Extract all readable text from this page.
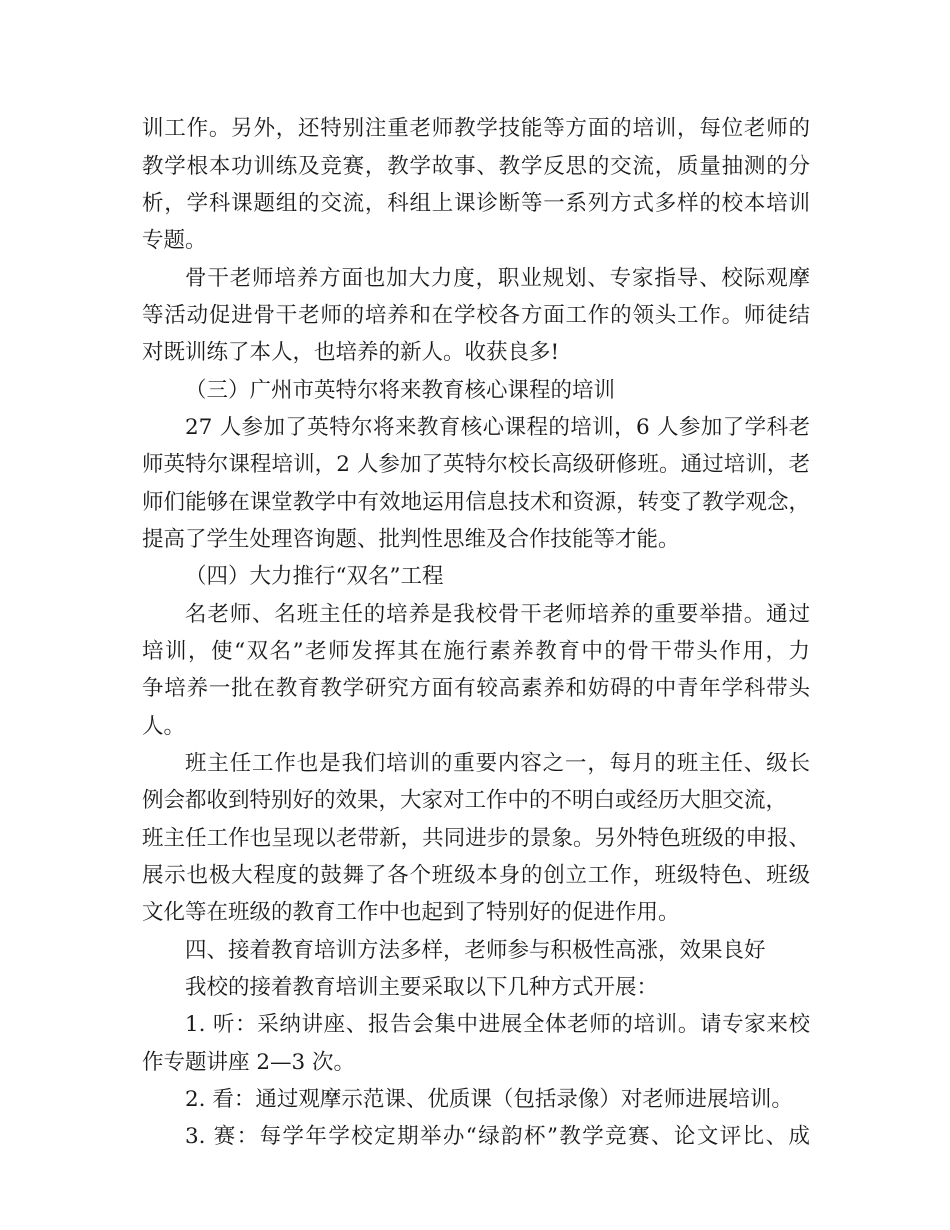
训工作。另外，还特别注重老师教学技能等方面的培训，每位老师的
教学根本功训练及竞赛，教学故事、教学反思的交流，质量抽测的分
析，学科课题组的交流，科组上课诊断等一系列方式多样的校本培训
专题。
骨干老师培养方面也加大力度，职业规划、专家指导、校际观摩
等活动促进骨干老师的培养和在学校各方面工作的领头工作。师徒结
对既训练了本人，也培养的新人。收获良多!
（三）广州市英特尔将来教育核心课程的培训
27 人参加了英特尔将来教育核心课程的培训，6 人参加了学科老
师英特尔课程培训，2 人参加了英特尔校长高级研修班。通过培训，老
师们能够在课堂教学中有效地运用信息技术和资源，转变了教学观念，
提高了学生处理咨询题、批判性思维及合作技能等才能。
（四）大力推行“双名”工程
名老师、名班主任的培养是我校骨干老师培养的重要举措。通过
培训，使“双名”老师发挥其在施行素养教育中的骨干带头作用，力
争培养一批在教育教学研究方面有较高素养和妨碍的中青年学科带头
人。
班主任工作也是我们培训的重要内容之一，每月的班主任、级长
例会都收到特别好的效果，大家对工作中的不明白或经历大胆交流，
班主任工作也呈现以老带新，共同进步的景象。另外特色班级的申报、
展示也极大程度的鼓舞了各个班级本身的创立工作，班级特色、班级
文化等在班级的教育工作中也起到了特别好的促进作用。
四、接着教育培训方法多样，老师参与积极性高涨，效果良好
我校的接着教育培训主要采取以下几种方式开展：
1. 听：采纳讲座、报告会集中进展全体老师的培训。请专家来校
作专题讲座 2—3 次。
2. 看：通过观摩示范课、优质课（包括录像）对老师进展培训。
3. 赛：每学年学校定期举办“绿韵杯”教学竞赛、论文评比、成
